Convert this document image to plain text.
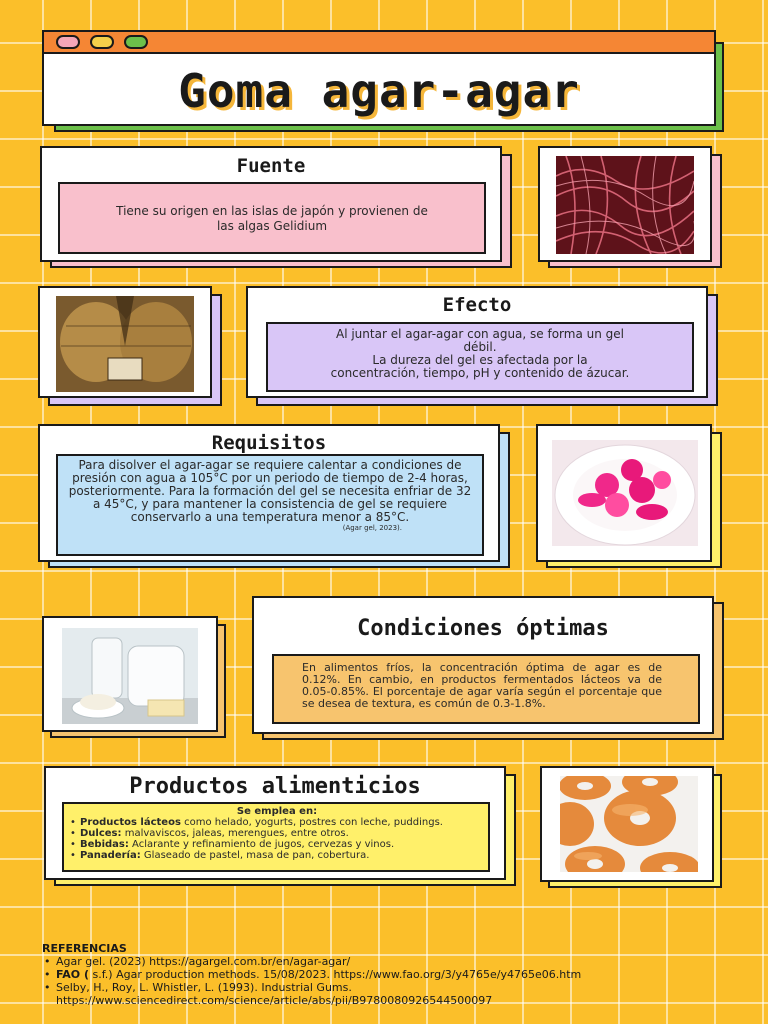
Goma agar-agar
Fuente
Tiene su origen en las islas de japón y provienen de las algas Gelidium
Efecto
Al juntar el agar-agar con agua, se forma un gel débil.
La dureza del gel es afectada por la concentración, tiempo, pH y contenido de ázucar.
Requisitos
Para disolver el agar-agar se requiere calentar a condiciones de presión con agua a 105°C por un periodo de tiempo de 2-4 horas, posteriormente. Para la formación del gel se necesita enfriar de 32 a 45°C, y para mantener la consistencia de gel se requiere conservarlo a una temperatura menor a 85°C.
(Agar gel, 2023).
Condiciones óptimas
En alimentos fríos, la concentración óptima de agar es de 0.12%. En cambio, en productos fermentados lácteos va de 0.05-0.85%. El porcentaje de agar varía según el porcentaje que se desea de textura, es común de 0.3-1.8%.
Productos alimenticios
Se emplea en:
• Productos lácteos como helado, yogurts, postres con leche, puddings.
• Dulces: malvaviscos, jaleas, merengues, entre otros.
• Bebidas: Aclarante y refinamiento de jugos, cervezas y vinos.
• Panadería: Glaseado de pastel, masa de pan, cobertura.
REFERENCIAS
• Agar gel. (2023) https://agargel.com.br/en/agar-agar/
• FAO ( s.f.) Agar production methods. 15/08/2023. https://www.fao.org/3/y4765e/y4765e06.htm
• Selby, H., Roy, L. Whistler, L. (1993). Industrial Gums. https://www.sciencedirect.com/science/article/abs/pii/B9780080926544500097
